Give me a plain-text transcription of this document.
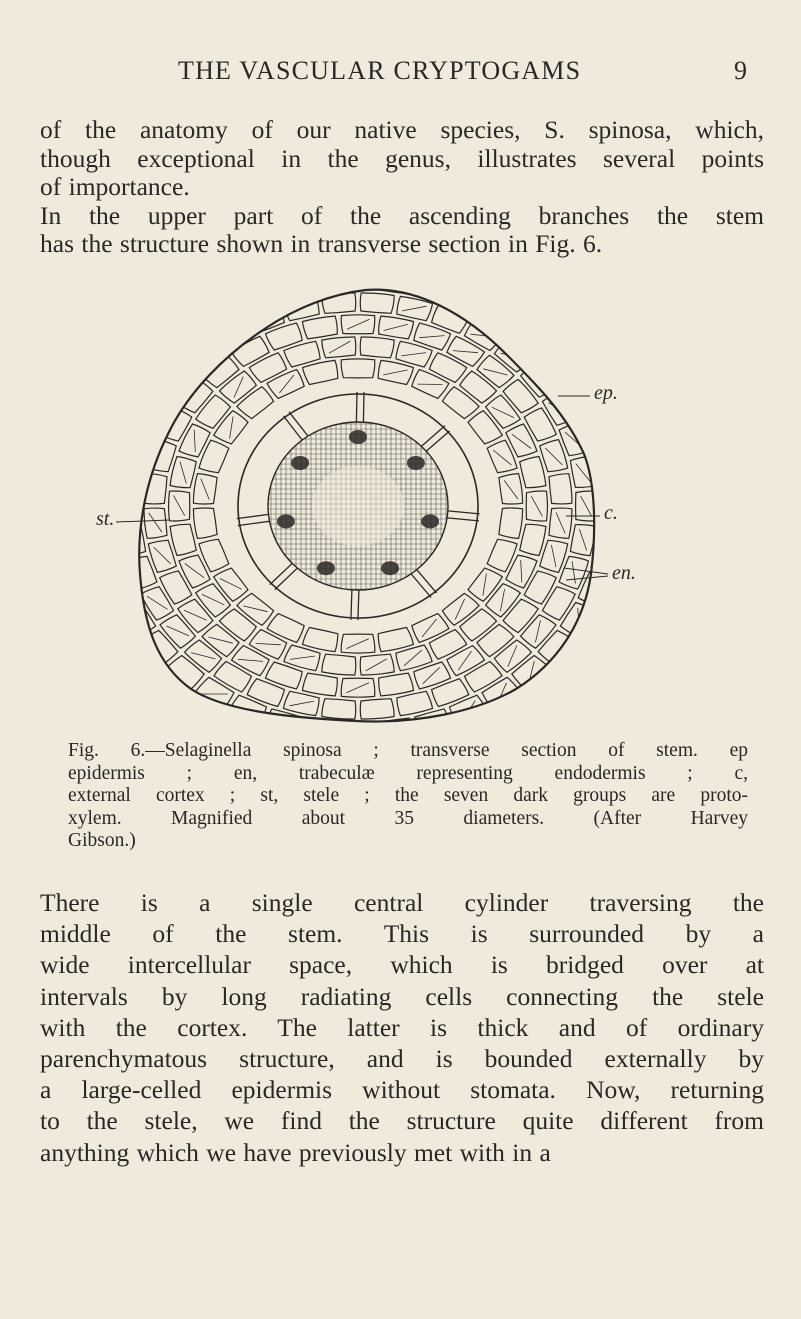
THE VASCULAR CRYPTOGAMS	9
of the anatomy of our native species, S. spinosa, which,
though exceptional in the genus, illustrates several points
of importance.
In the upper part of the ascending branches the stem
has the structure shown in transverse section in Fig. 6.
ep.
c.
en.
st.
Fig. 6.—Selaginella spinosa ; transverse section of stem. ep
epidermis ; en, trabeculæ representing endodermis ; c,
external cortex ; st, stele ; the seven dark groups are proto-
xylem. Magnified about 35 diameters. (After Harvey
Gibson.)
There is a single central cylinder traversing the
middle of the stem. This is surrounded by a
wide intercellular space, which is bridged over at
intervals by long radiating cells connecting the stele
with the cortex. The latter is thick and of ordinary
parenchymatous structure, and is bounded externally by
a large-celled epidermis without stomata. Now, returning
to the stele, we find the structure quite different from
anything which we have previously met with in a
